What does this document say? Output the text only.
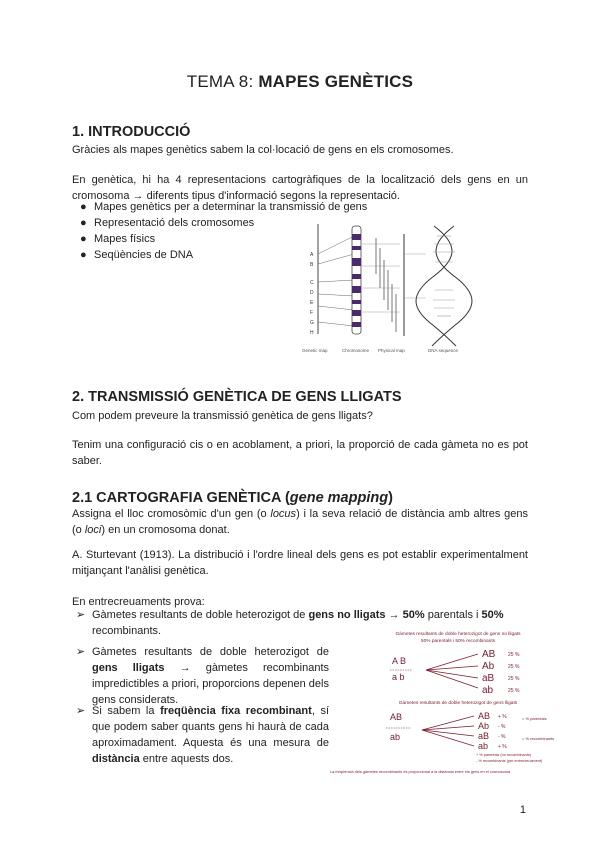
TEMA 8: MAPES GENÈTICS
1. INTRODUCCIÓ
Gràcies als mapes genètics sabem la col·locació de gens en els cromosomes.
En genètica, hi ha 4 representacions cartogràfiques de la localització dels gens en un cromosoma → diferents tipus d'informació segons la representació.
● Mapes genètics per a determinar la transmissió de gens
● Representació dels cromosomes
● Mapes físics
● Seqüències de DNA	A
B
C
D
E
F
G
H
Genetic map	Chromosome Physical map	DNA sequence
2. TRANSMISSIÓ GENÈTICA DE GENS LLIGATS
Com podem preveure la transmissió genètica de gens lligats?
Tenim una configuració cis o en acoblament, a priori, la proporció de cada gàmeta no es pot saber.
2.1 CARTOGRAFIA GENÈTICA (gene mapping)
Assigna el lloc cromosòmic d'un gen (o locus) i la seva relació de distància amb altres gens (o loci) en un cromosoma donat.
A. Sturtevant (1913). La distribució i l'ordre lineal dels gens es pot establir experimentalment mitjançant l'anàlisi genètica.
En entrecreuaments prova:
➢ Gàmetes resultants de doble heterozigot de gens no lligats → 50% parentals i 50% recombinants.
➢ Gàmetes resultants de doble heterozigot de gens lligats → gàmetes recombinants impredictibles a priori, proporcions depenen dels gens considerats.
➢ Si sabem la freqüència fixa recombinant, sí que podem saber quants gens hi haurà de cada aproximadament. Aquesta és una mesura de distància entre aquests dos.
Gàmetes resultants de doble heterozigot de gens no lligats
50% parentals i 50% recombinants
A B
a b
AB
Ab
aB
ab
25 %
25 %
25 %
25 %
Gàmetes resultants de doble heterozigot de gens lligats
AB
ab
AB
Ab
aB
ab
+ %
- %
- %
+ %
= % parentals
= % recombinants
+ % parentals (no recombinants)
- % recombinants (per entrecreuament)
La freqüència dels gàmetes recombinants és proporcional a la distància entre els gens en el cromosoma
1
